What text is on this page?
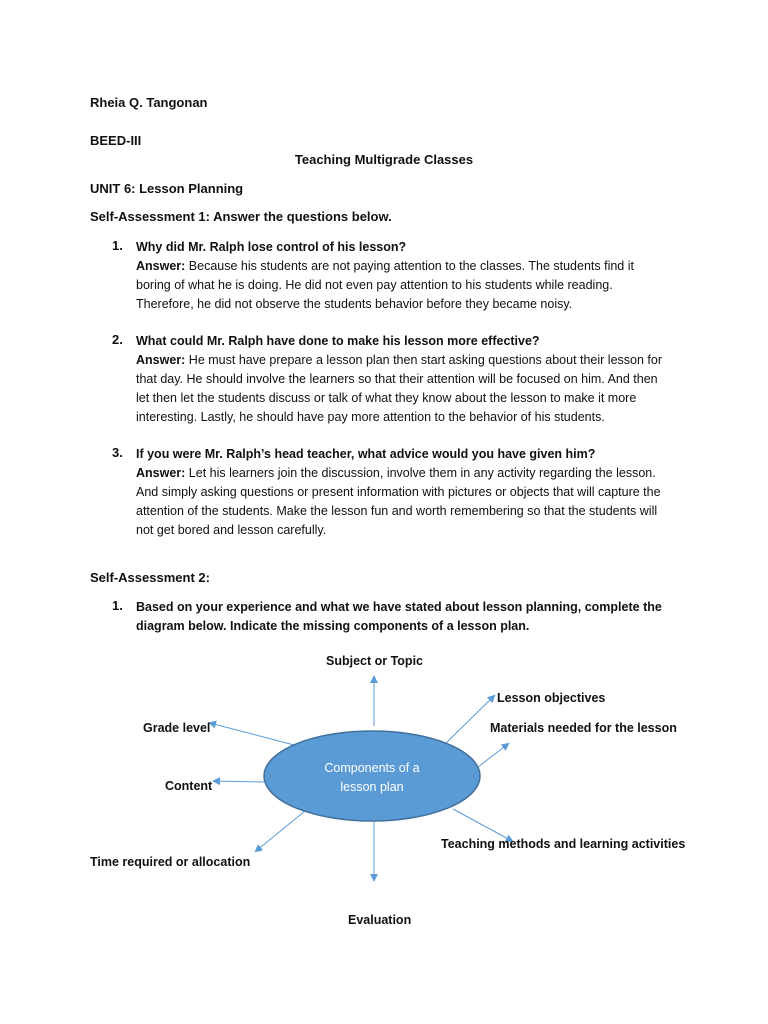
Rheia Q. Tangonan
BEED-III
Teaching Multigrade Classes
UNIT 6: Lesson Planning
Self-Assessment 1: Answer the questions below.
1. Why did Mr. Ralph lose control of his lesson?
Answer: Because his students are not paying attention to the classes. The students find it
boring of what he is doing. He did not even pay attention to his students while reading.
Therefore, he did not observe the students behavior before they became noisy.
2. What could Mr. Ralph have done to make his lesson more effective?
Answer: He must have prepare a lesson plan then start asking questions about their lesson for
that day. He should involve the learners so that their attention will be focused on him. And then
let then let the students discuss or talk of what they know about the lesson to make it more
interesting. Lastly, he should have pay more attention to the behavior of his students.
3. If you were Mr. Ralph’s head teacher, what advice would you have given him?
Answer: Let his learners join the discussion, involve them in any activity regarding the lesson.
And simply asking questions or present information with pictures or objects that will capture the
attention of the students. Make the lesson fun and worth remembering so that the students will
not get bored and lesson carefully.
Self-Assessment 2:
1. Based on your experience and what we have stated about lesson planning, complete the
diagram below. Indicate the missing components of a lesson plan.
Components of a
lesson plan
Subject or Topic
Lesson objectives
Grade level	Materials needed for the lesson
Content
Time required or allocation
Teaching methods and learning activities
Evaluation
